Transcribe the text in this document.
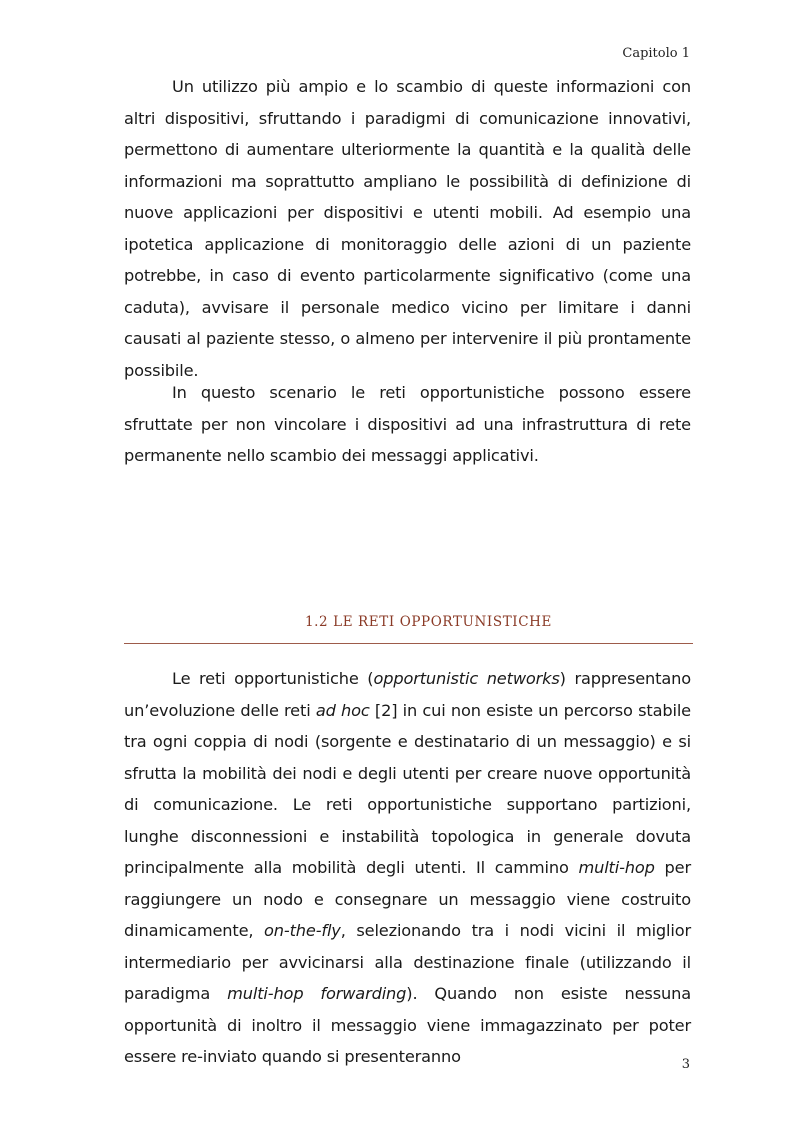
Capitolo 1

Un utilizzo più ampio e lo scambio di queste informazioni con altri dispositivi, sfruttando i paradigmi di comunicazione innovativi, permettono di aumentare ulteriormente la quantità e la qualità delle informazioni ma soprattutto ampliano le possibilità di definizione di nuove applicazioni per dispositivi e utenti mobili. Ad esempio una ipotetica applicazione di monitoraggio delle azioni di un paziente potrebbe, in caso di evento particolarmente significativo (come una caduta), avvisare il personale medico vicino per limitare i danni causati al paziente stesso, o almeno per intervenire il più prontamente possibile.

In questo scenario le reti opportunistiche possono essere sfruttate per non vincolare i dispositivi ad una infrastruttura di rete permanente nello scambio dei messaggi applicativi.

1.2 LE RETI OPPORTUNISTICHE

Le reti opportunistiche (opportunistic networks) rappresentano un’evoluzione delle reti ad hoc [2] in cui non esiste un percorso stabile tra ogni coppia di nodi (sorgente e destinatario di un messaggio) e si sfrutta la mobilità dei nodi e degli utenti per creare nuove opportunità di comunicazione. Le reti opportunistiche supportano partizioni, lunghe disconnessioni e instabilità topologica in generale dovuta principalmente alla mobilità degli utenti. Il cammino multi-hop per raggiungere un nodo e consegnare un messaggio viene costruito dinamicamente, on-the-fly, selezionando tra i nodi vicini il miglior intermediario per avvicinarsi alla destinazione finale (utilizzando il paradigma multi-hop forwarding). Quando non esiste nessuna opportunità di inoltro il messaggio viene immagazzinato per poter essere re-inviato quando si presenteranno	3
